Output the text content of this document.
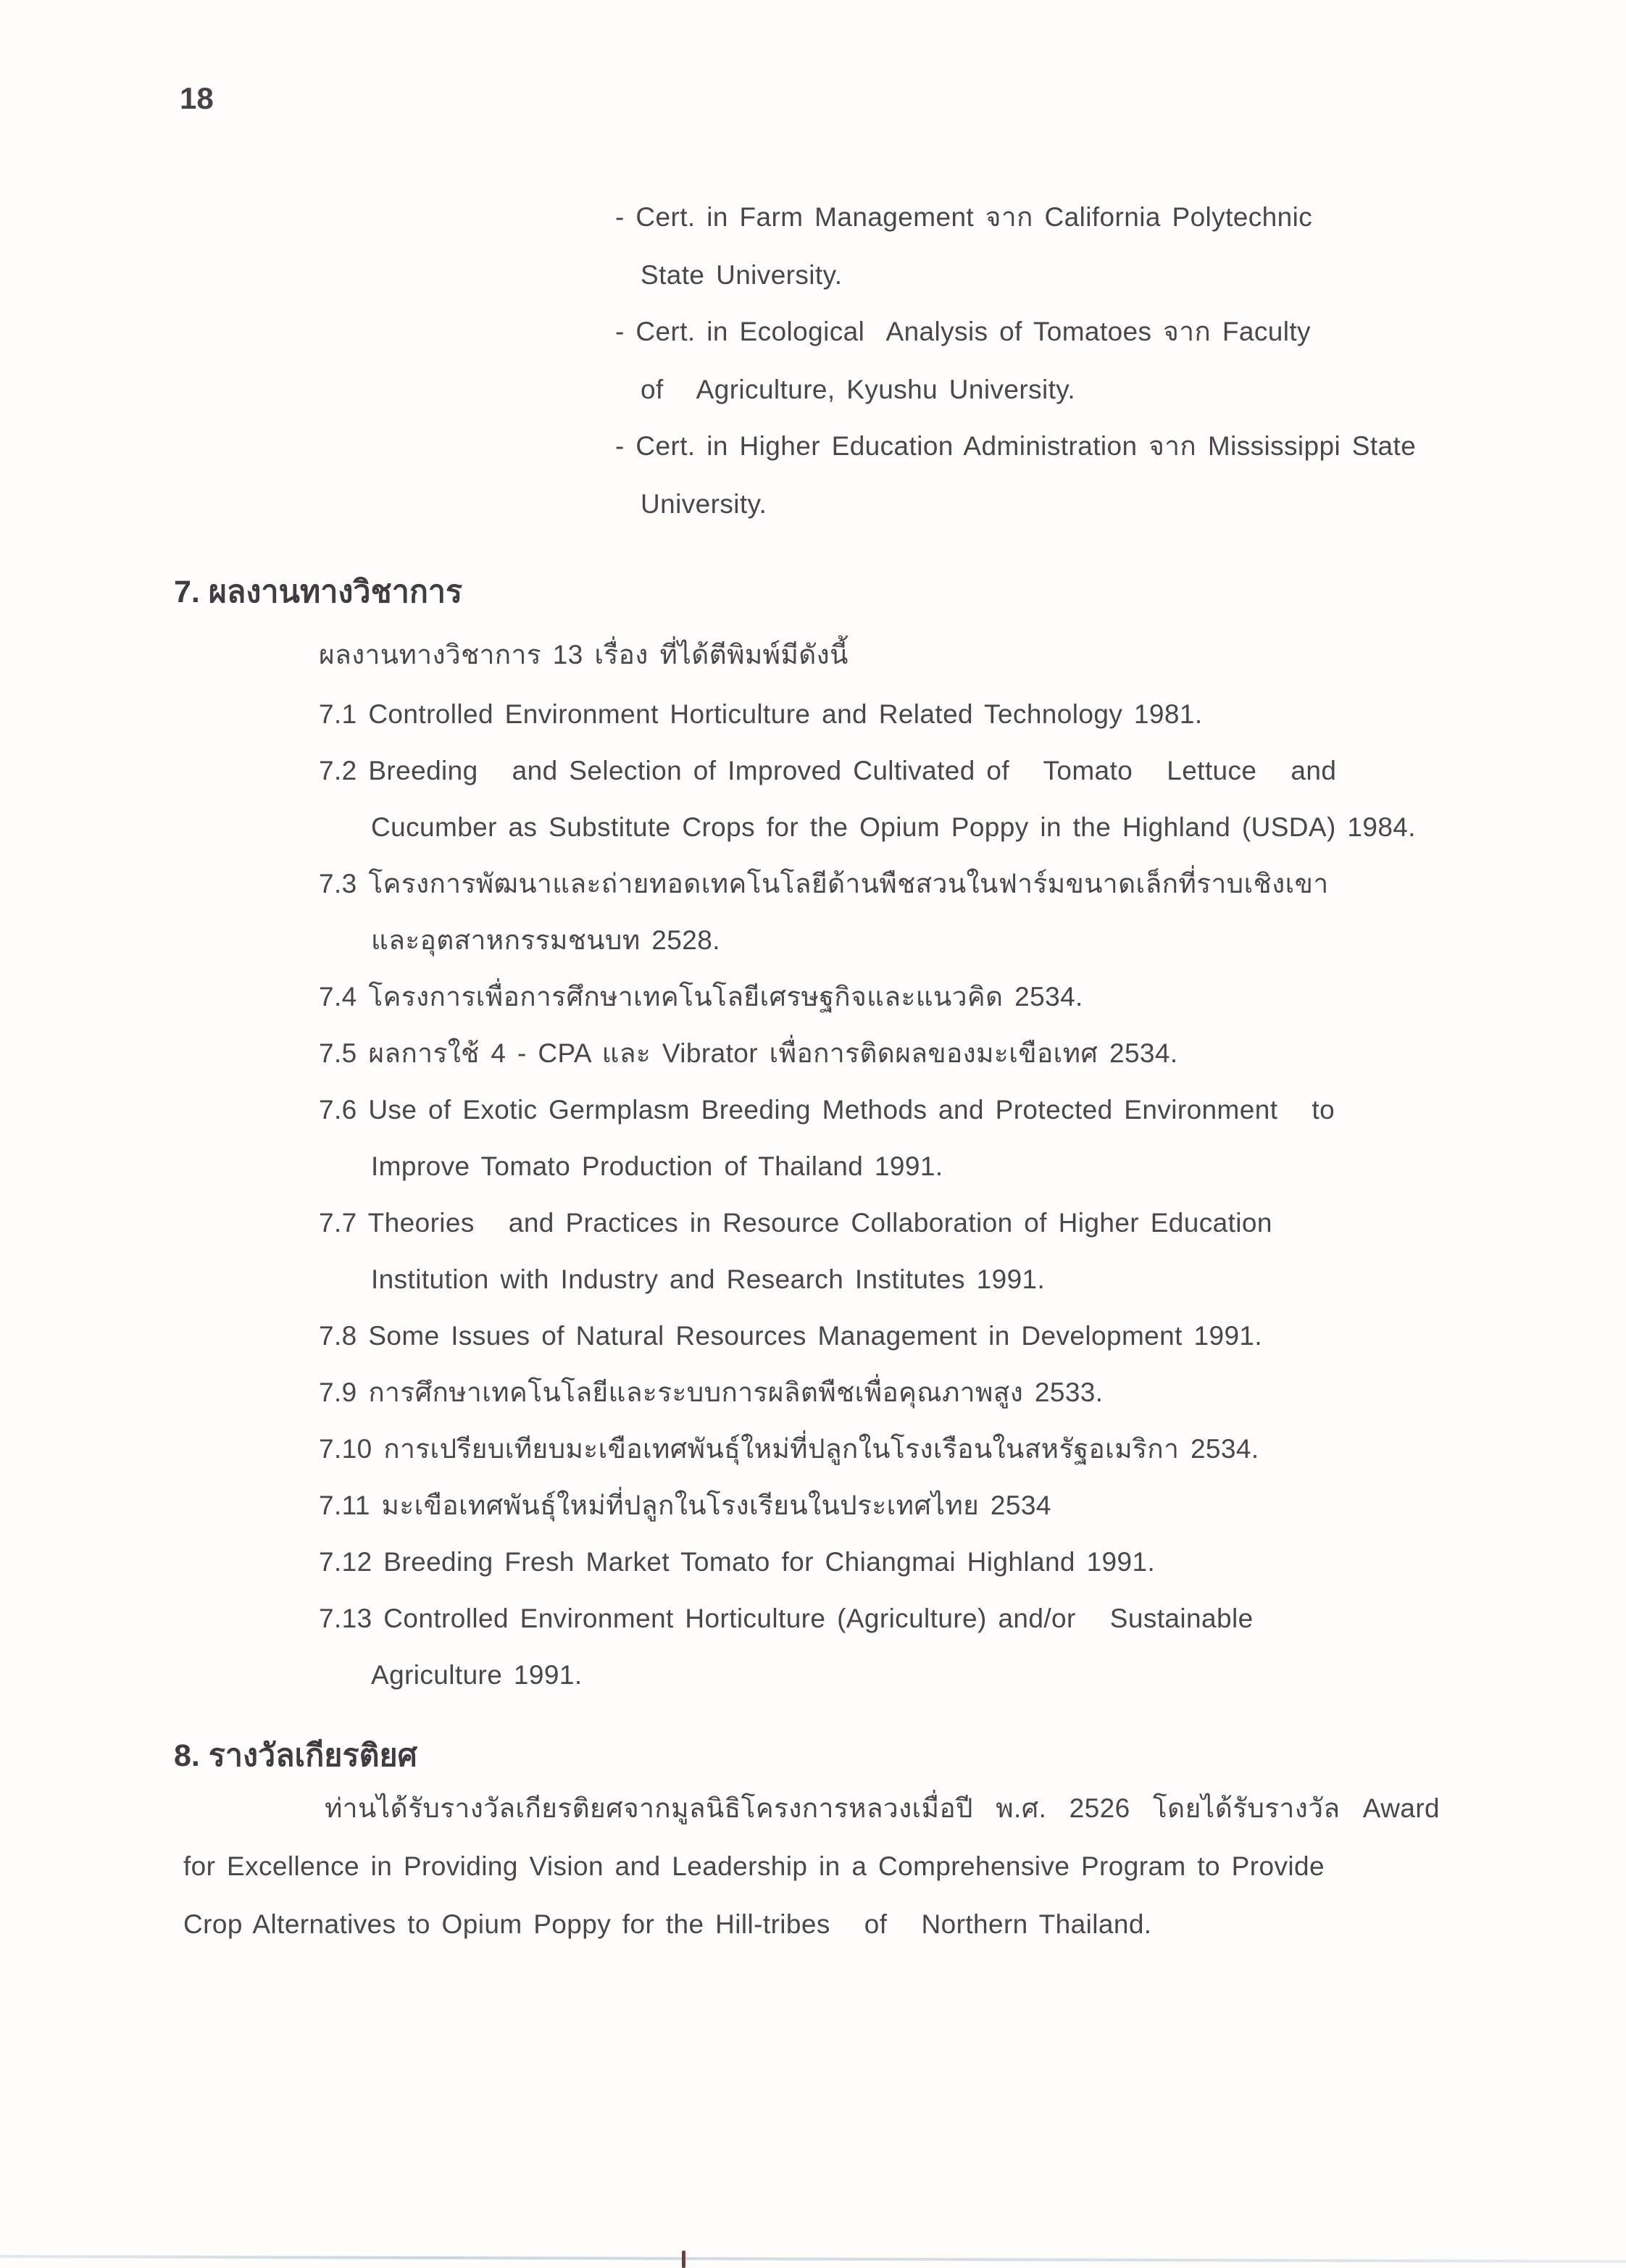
18
- Cert. in Farm Management จาก California Polytechnic
State University.
- Cert. in Ecological  Analysis of Tomatoes จาก Faculty
of   Agriculture, Kyushu University.
- Cert. in Higher Education Administration จาก Mississippi State
University.
7. ผลงานทางวิชาการ
ผลงานทางวิชาการ 13 เรื่อง ที่ได้ตีพิมพ์มีดังนี้
7.1 Controlled Environment Horticulture and Related Technology 1981.
7.2 Breeding   and Selection of Improved Cultivated of   Tomato   Lettuce   and
Cucumber as Substitute Crops for the Opium Poppy in the Highland (USDA) 1984.
7.3 โครงการพัฒนาและถ่ายทอดเทคโนโลยีด้านพืชสวนในฟาร์มขนาดเล็กที่ราบเชิงเขา
และอุตสาหกรรมชนบท 2528.
7.4 โครงการเพื่อการศึกษาเทคโนโลยีเศรษฐกิจและแนวคิด 2534.
7.5 ผลการใช้ 4 - CPA และ Vibrator เพื่อการติดผลของมะเขือเทศ 2534.
7.6 Use of Exotic Germplasm Breeding Methods and Protected Environment   to
Improve Tomato Production of Thailand 1991.
7.7 Theories   and Practices in Resource Collaboration of Higher Education
Institution with Industry and Research Institutes 1991.
7.8 Some Issues of Natural Resources Management in Development 1991.
7.9 การศึกษาเทคโนโลยีและระบบการผลิตพืชเพื่อคุณภาพสูง 2533.
7.10 การเปรียบเทียบมะเขือเทศพันธุ์ใหม่ที่ปลูกในโรงเรือนในสหรัฐอเมริกา 2534.
7.11 มะเขือเทศพันธุ์ใหม่ที่ปลูกในโรงเรียนในประเทศไทย 2534
7.12 Breeding Fresh Market Tomato for Chiangmai Highland 1991.
7.13 Controlled Environment Horticulture (Agriculture) and/or   Sustainable
Agriculture 1991.
8. รางวัลเกียรติยศ
ท่านได้รับรางวัลเกียรติยศจากมูลนิธิโครงการหลวงเมื่อปี  พ.ศ.  2526  โดยได้รับรางวัล  Award
for Excellence in Providing Vision and Leadership in a Comprehensive Program to Provide
Crop Alternatives to Opium Poppy for the Hill-tribes   of   Northern Thailand.
